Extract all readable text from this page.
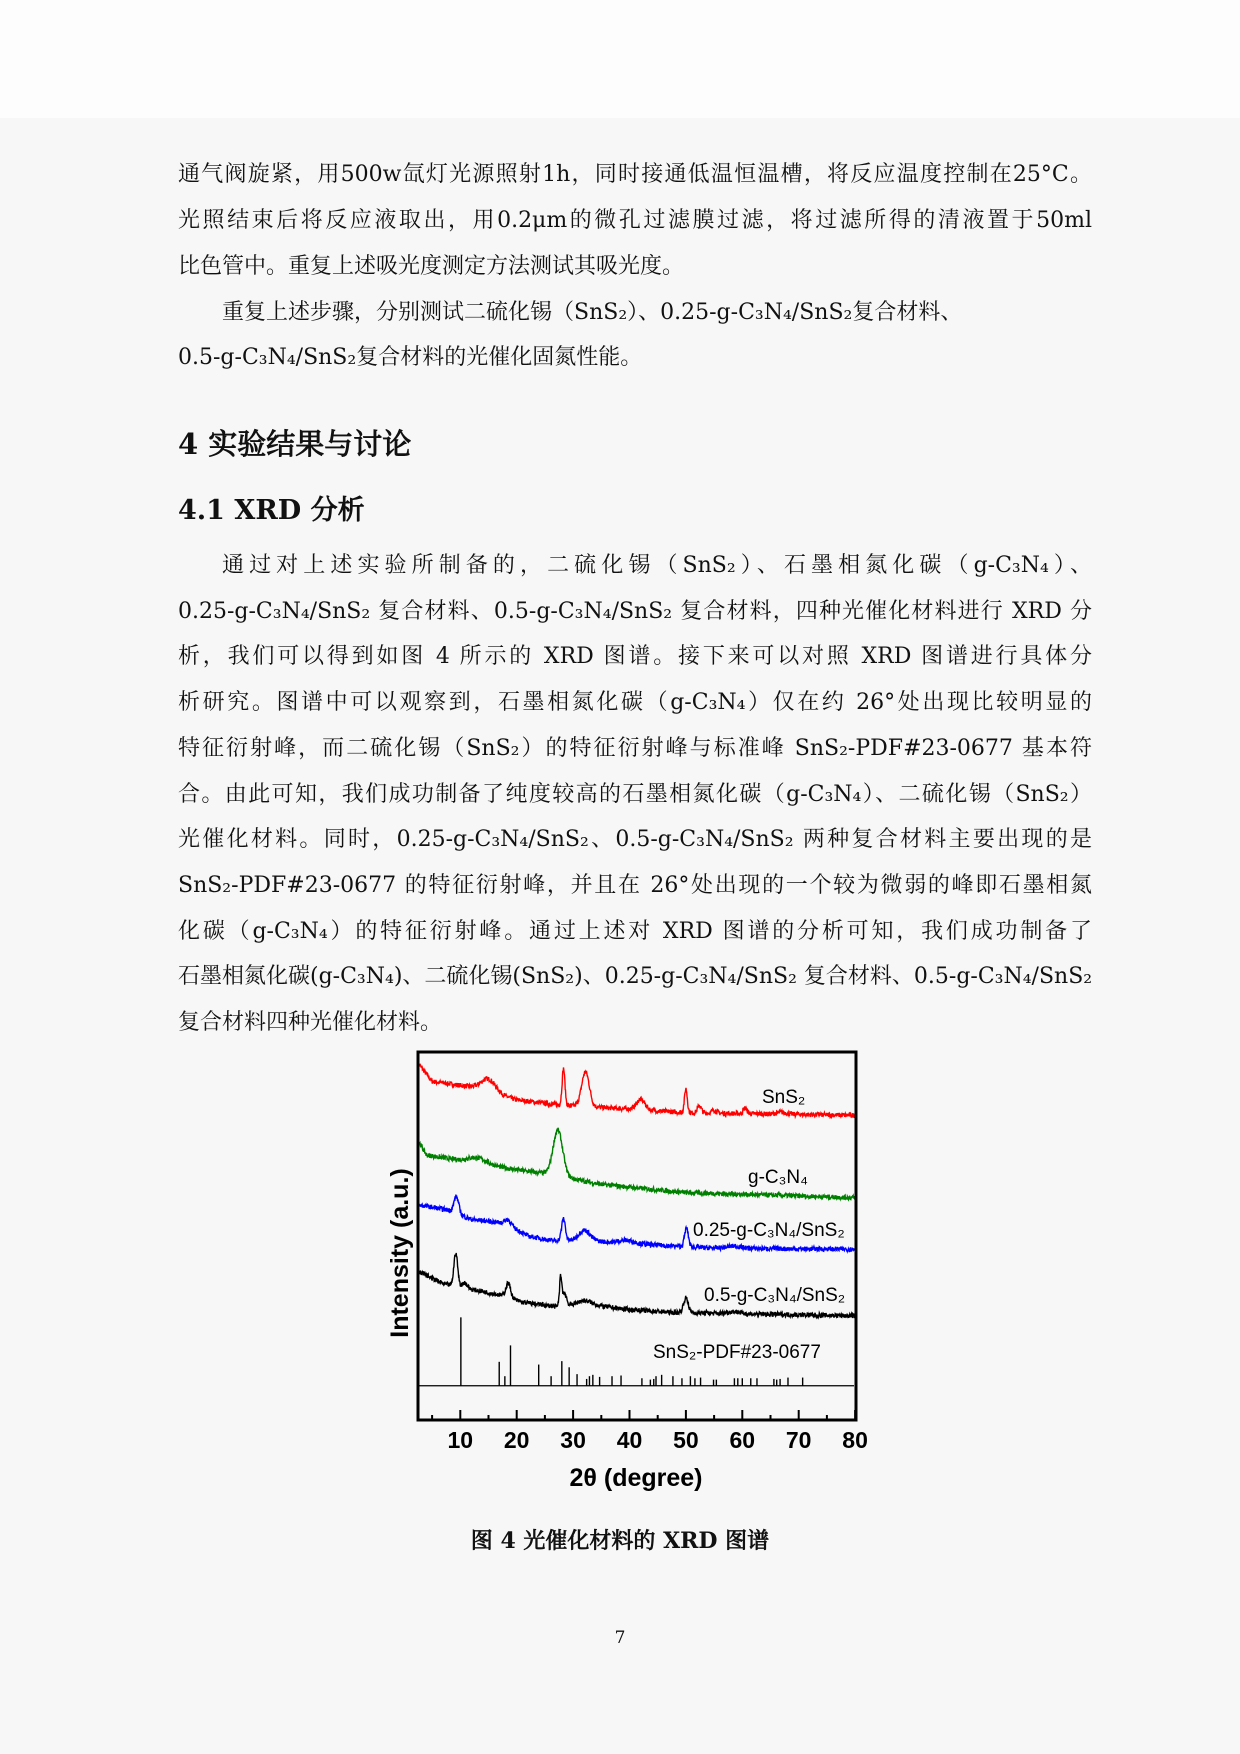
通气阀旋紧，用500w氙灯光源照射1h，同时接通低温恒温槽，将反应温度控制在25°C。
光照结束后将反应液取出，用0.2μm的微孔过滤膜过滤，将过滤所得的清液置于50ml
比色管中。重复上述吸光度测定方法测试其吸光度。
重复上述步骤，分别测试二硫化锡（SnS₂）、0.25-g-C₃N₄/SnS₂复合材料、
0.5-g-C₃N₄/SnS₂复合材料的光催化固氮性能。
通过对上述实验所制备的，二硫化锡（SnS₂）、石墨相氮化碳（g-C₃N₄）、
0.25-g-C₃N₄/SnS₂ 复合材料、0.5-g-C₃N₄/SnS₂ 复合材料，四种光催化材料进行 XRD 分
析，我们可以得到如图 4 所示的 XRD 图谱。接下来可以对照 XRD 图谱进行具体分
析研究。图谱中可以观察到，石墨相氮化碳（g-C₃N₄）仅在约 26°处出现比较明显的
特征衍射峰，而二硫化锡（SnS₂）的特征衍射峰与标准峰 SnS₂-PDF#23-0677 基本符
合。由此可知，我们成功制备了纯度较高的石墨相氮化碳（g-C₃N₄）、二硫化锡（SnS₂）
光催化材料。同时，0.25-g-C₃N₄/SnS₂、0.5-g-C₃N₄/SnS₂ 两种复合材料主要出现的是
SnS₂-PDF#23-0677 的特征衍射峰，并且在 26°处出现的一个较为微弱的峰即石墨相氮
化碳（g-C₃N₄）的特征衍射峰。通过上述对 XRD 图谱的分析可知，我们成功制备了
石墨相氮化碳(g-C₃N₄)、二硫化锡(SnS₂)、0.25-g-C₃N₄/SnS₂ 复合材料、0.5-g-C₃N₄/SnS₂
复合材料四种光催化材料。
4 实验结果与讨论
4.1 XRD 分析
10 20 30 40 50 60 70 80
SnS₂
g-C₃N₄
0.25-g-C₃N₄/SnS₂
0.5-g-C₃N₄/SnS₂
SnS₂-PDF#23-0677
2θ (degree)
Intensity (a.u.)
图 4 光催化材料的 XRD 图谱
7
